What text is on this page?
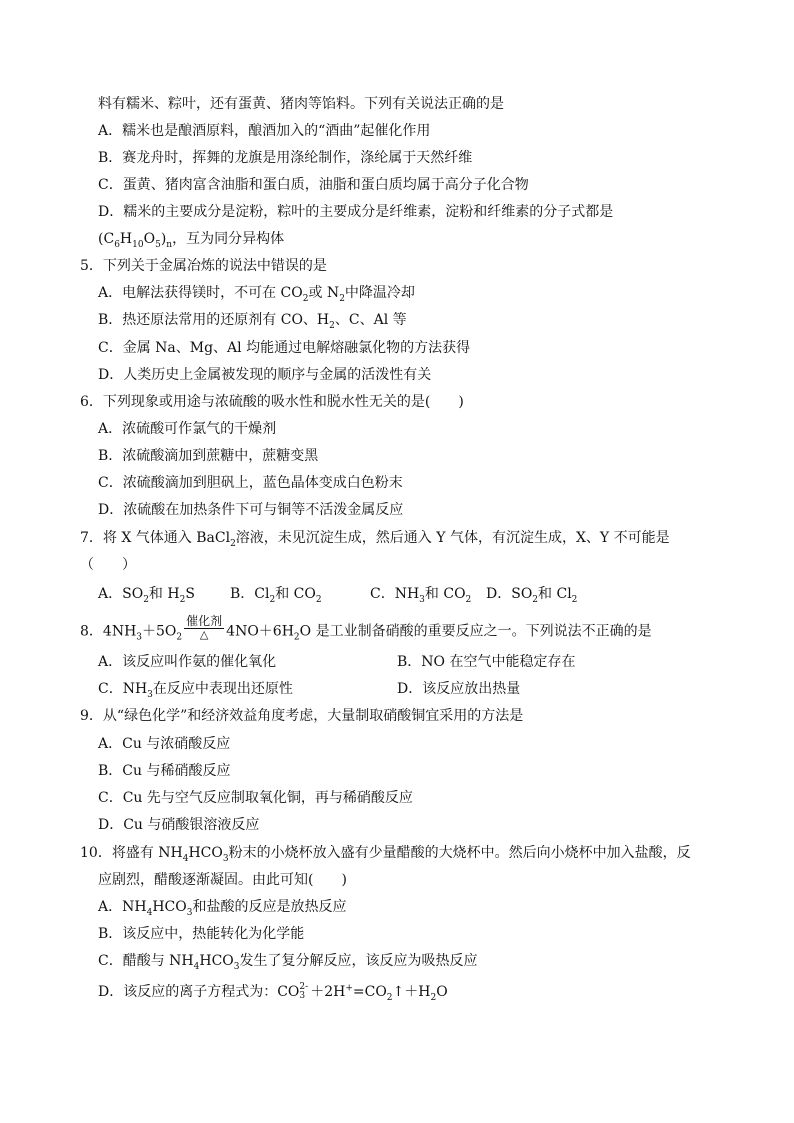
料有糯米、粽叶，还有蛋黄、猪肉等馅料。下列有关说法正确的是
A．糯米也是酿酒原料，酿酒加入的“酒曲”起催化作用
B．赛龙舟时，挥舞的龙旗是用涤纶制作，涤纶属于天然纤维
C．蛋黄、猪肉富含油脂和蛋白质，油脂和蛋白质均属于高分子化合物
D．糯米的主要成分是淀粉，粽叶的主要成分是纤维素，淀粉和纤维素的分子式都是
$(C_6H_{10}O_5)_n$，互为同分异构体
5．下列关于金属冶炼的说法中错误的是
A．电解法获得镁时，不可在 $CO_2$或 $N_2$中降温冷却
B．热还原法常用的还原剂有 CO、$H_2$、C、Al 等
C．金属 Na、Mg、Al 均能通过电解熔融氯化物的方法获得
D．人类历史上金属被发现的顺序与金属的活泼性有关
6．下列现象或用途与浓硫酸的吸水性和脱水性无关的是(　　)
A．浓硫酸可作氯气的干燥剂
B．浓硫酸滴加到蔗糖中，蔗糖变黑
C．浓硫酸滴加到胆矾上，蓝色晶体变成白色粉末
D．浓硫酸在加热条件下可与铜等不活泼金属反应
7．将 X 气体通入 BaCl$_2$溶液，未见沉淀生成，然后通入 Y 气体，有沉淀生成，X、Y 不可能是
（　　）
A．$SO_2$和 $H_2S$	B．$Cl_2$和 $CO_2$	C．$NH_3$和 $CO_2$ D．$SO_2$和 $Cl_2$
8．$4NH_3+5O_2 \frac{\text{催化剂}}{\triangle} 4NO+6H_2O$ 是工业制备硝酸的重要反应之一。下列说法不正确的是
A．该反应叫作氨的催化氧化	B．NO 在空气中能稳定存在
C．$NH_3$在反应中表现出还原性	D．该反应放出热量
9．从“绿色化学”和经济效益角度考虑，大量制取硝酸铜宜采用的方法是
A．Cu 与浓硝酸反应
B．Cu 与稀硝酸反应
C．Cu 先与空气反应制取氧化铜，再与稀硝酸反应
D．Cu 与硝酸银溶液反应
10．将盛有 $NH_4HCO_3$粉末的小烧杯放入盛有少量醋酸的大烧杯中。然后向小烧杯中加入盐酸，反
应剧烈，醋酸逐渐凝固。由此可知(　　)
A．$NH_4HCO_3$和盐酸的反应是放热反应
B．该反应中，热能转化为化学能
C．醋酸与 $NH_4HCO_3$发生了复分解反应，该反应为吸热反应
D．该反应的离子方程式为：CO 2-
$3 +2H^+=CO_2↑+H_2O$
